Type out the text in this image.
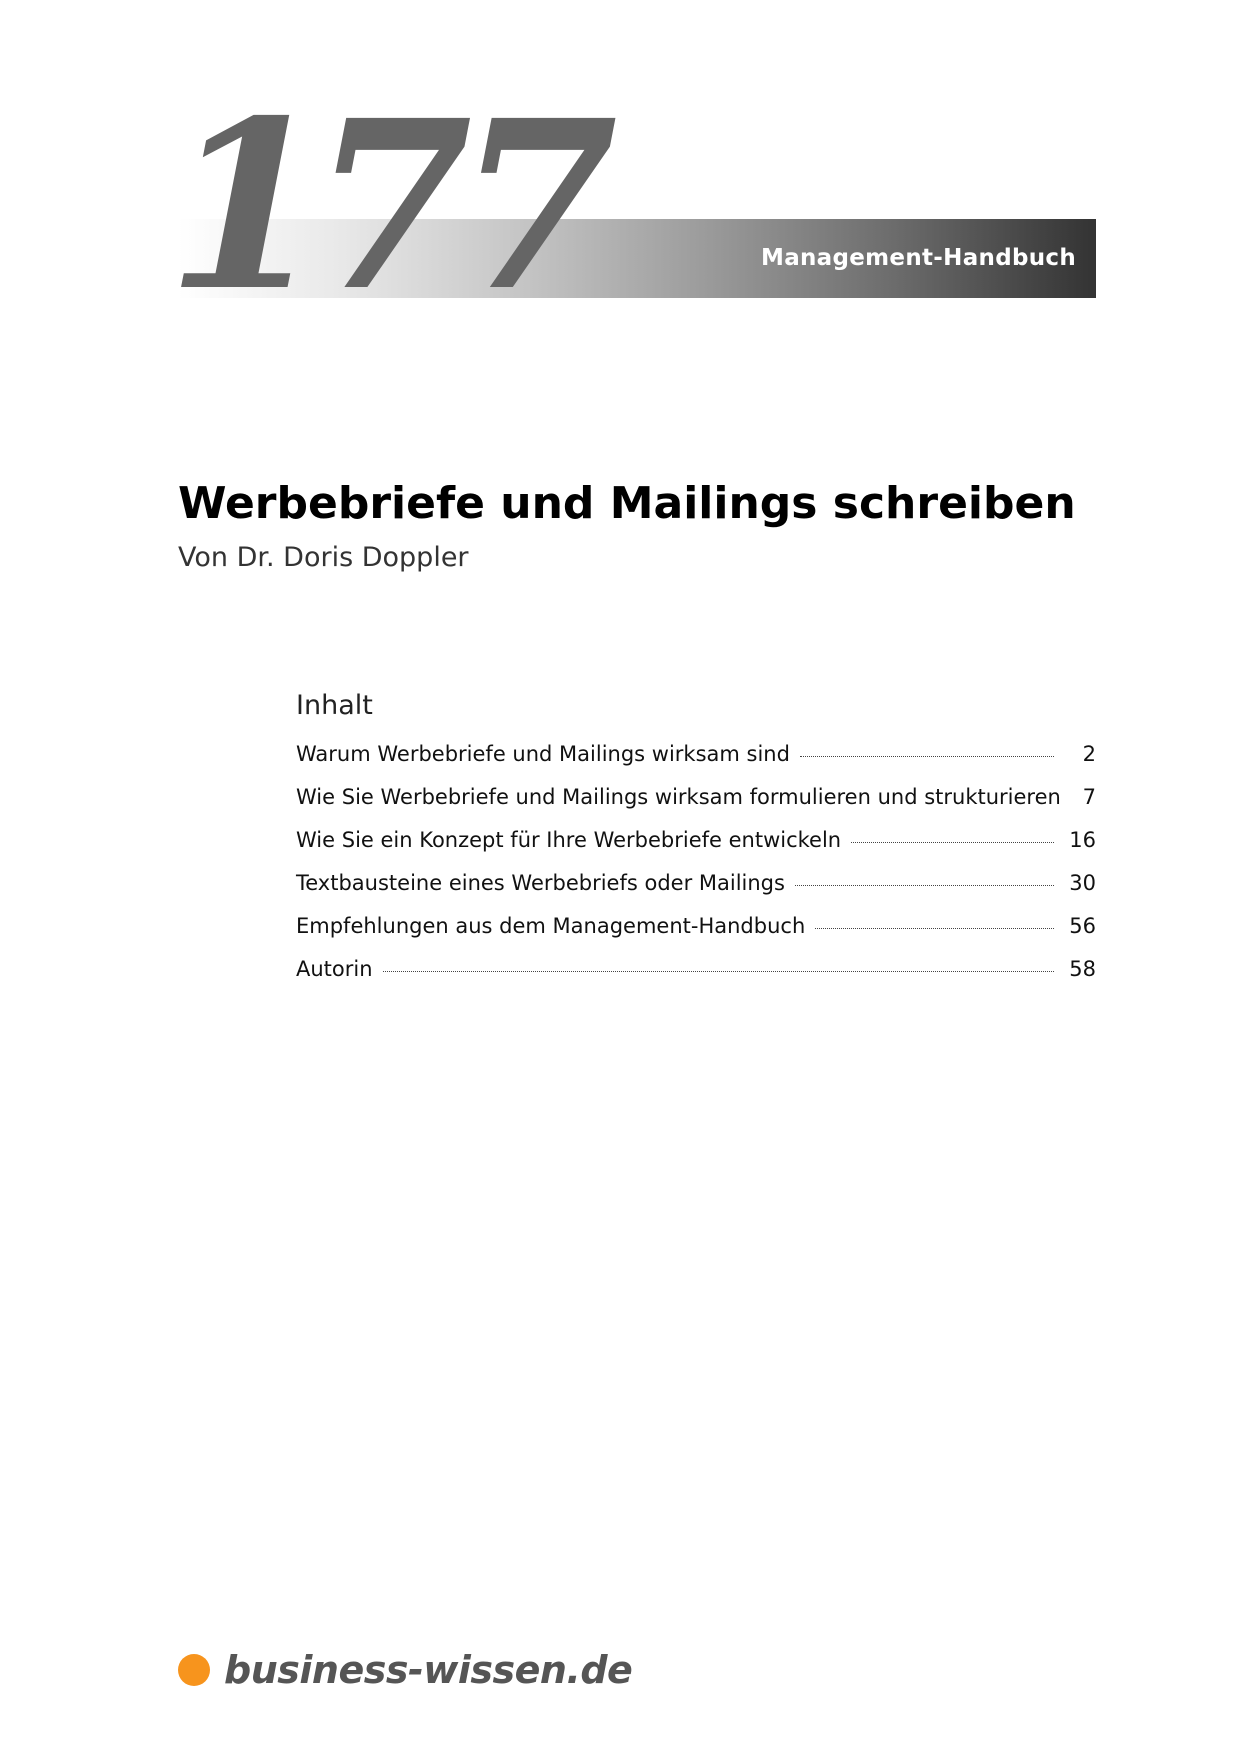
Management-Handbuch
177
Werbebriefe und Mailings schreiben

Von Dr. Doris Doppler

Inhalt
Warum Werbebriefe und Mailings wirksam sind	2
Wie Sie Werbebriefe und Mailings wirksam formulieren und strukturieren 7
Wie Sie ein Konzept für Ihre Werbebriefe entwickeln	16
Textbausteine eines Werbebriefs oder Mailings	30
Empfehlungen aus dem Management-Handbuch	56
Autorin	58
business-wissen.de
